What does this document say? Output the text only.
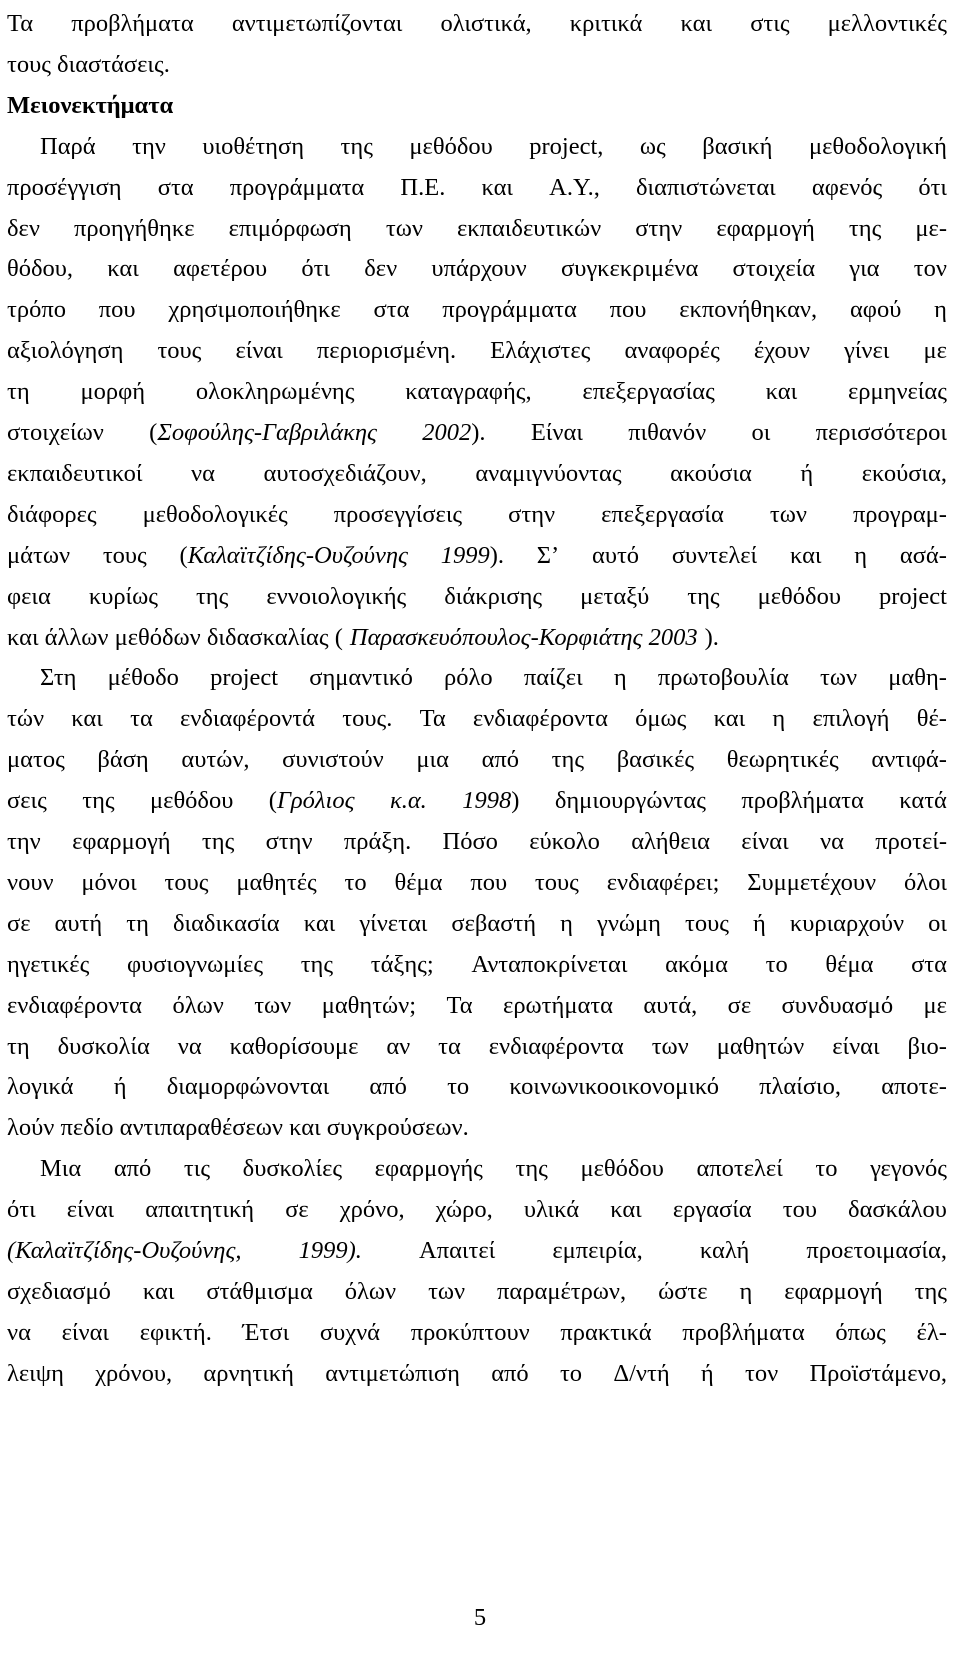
Τα προβλήματα αντιμετωπίζονται ολιστικά, κριτικά και στις μελλοντικές
τους διαστάσεις.
Μειονεκτήματα
Παρά την υιοθέτηση της μεθόδου project, ως βασική μεθοδολογική
προσέγγιση στα προγράμματα Π.Ε. και Α.Υ., διαπιστώνεται αφενός ότι
δεν προηγήθηκε επιμόρφωση των εκπαιδευτικών στην εφαρμογή της με-
θόδου, και αφετέρου ότι δεν υπάρχουν συγκεκριμένα στοιχεία για τον
τρόπο που χρησιμοποιήθηκε στα προγράμματα που εκπονήθηκαν, αφού η
αξιολόγηση τους είναι περιορισμένη. Ελάχιστες αναφορές έχουν γίνει με
τη μορφή ολοκληρωμένης καταγραφής, επεξεργασίας και ερμηνείας
στοιχείων (Σοφούλης-Γαβριλάκης 2002). Είναι πιθανόν οι περισσότεροι
εκπαιδευτικοί να αυτοσχεδιάζουν, αναμιγνύοντας ακούσια ή εκούσια,
διάφορες μεθοδολογικές προσεγγίσεις στην επεξεργασία των προγραμ-
μάτων τους (Καλαϊτζίδης-Ουζούνης 1999). Σ’ αυτό συντελεί και η ασά-
φεια κυρίως της εννοιολογικής διάκρισης μεταξύ της μεθόδου project
και άλλων μεθόδων διδασκαλίας ( Παρασκευόπουλος-Κορφιάτης 2003 ).
Στη μέθοδο project σημαντικό ρόλο παίζει η πρωτοβουλία των μαθη-
τών και τα ενδιαφέροντά τους. Τα ενδιαφέροντα όμως και η επιλογή θέ-
ματος βάση αυτών, συνιστούν μια από της βασικές θεωρητικές αντιφά-
σεις της μεθόδου (Γρόλιος κ.α. 1998) δημιουργώντας προβλήματα κατά
την εφαρμογή της στην πράξη. Πόσο εύκολο αλήθεια είναι να προτεί-
νουν μόνοι τους μαθητές το θέμα που τους ενδιαφέρει; Συμμετέχουν όλοι
σε αυτή τη διαδικασία και γίνεται σεβαστή η γνώμη τους ή κυριαρχούν οι
ηγετικές φυσιογνωμίες της τάξης; Ανταποκρίνεται ακόμα το θέμα στα
ενδιαφέροντα όλων των μαθητών; Τα ερωτήματα αυτά, σε συνδυασμό με
τη δυσκολία να καθορίσουμε αν τα ενδιαφέροντα των μαθητών είναι βιο-
λογικά ή διαμορφώνονται από το κοινωνικοοικονομικό πλαίσιο, αποτε-
λούν πεδίο αντιπαραθέσεων και συγκρούσεων.
Μια από τις δυσκολίες εφαρμογής της μεθόδου αποτελεί το γεγονός
ότι είναι απαιτητική σε χρόνο, χώρο, υλικά και εργασία του δασκάλου
(Καλαϊτζίδης-Ουζούνης, 1999). Απαιτεί εμπειρία, καλή προετοιμασία,
σχεδιασμό και στάθμισμα όλων των παραμέτρων, ώστε η εφαρμογή της
να είναι εφικτή. Έτσι συχνά προκύπτουν πρακτικά προβλήματα όπως έλ-
λειψη χρόνου, αρνητική αντιμετώπιση από το Δ/ντή ή τον Προϊστάμενο,
5
